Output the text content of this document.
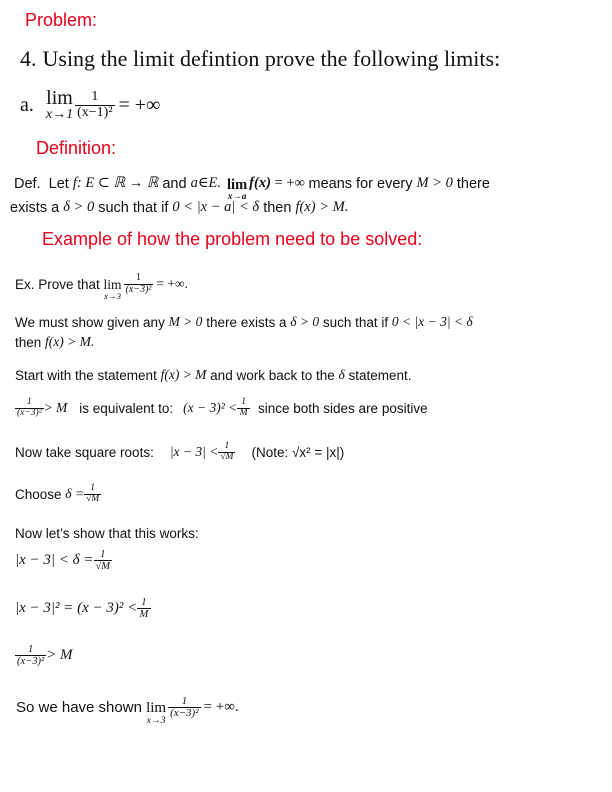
Problem:
4. Using the limit defintion prove the following limits:
a. lim
$x\to 1 \frac{1}{\text{(x−1)²}}$ = +∞
Definition:
Def.  Let f : E ⊂ ℝ → ℝ and a∈E. lim
x→a
f(x) = +∞ means for every M > 0 there
exists a δ > 0 such that if 0 < |x − a| < δ then f(x) > M.
Example of how the problem need to be solved:
Ex. Prove that lim
x→3
$\frac{1}{\text{(x−3)²}}$ = +∞.
We must show given any M > 0 there exists a δ > 0 such that if 0 < |x − 3| < δ
then f(x) > M.
Start with the statement f(x) > M and work back to the δ statement.
$\frac{1}{\text{(x−3)²}} > M$ is equivalent to: $(x - 3)^2 < \frac{1}{M}$ since both sides are positive
Now take square roots: $|x - 3| < \frac{1}{√M}$ (Note: √x² = |x|)
Choose $\delta = \frac{1}{√M}$
Now let’s show that this works:
$|x - 3| < \delta = \frac{1}{√M}$
$|x - 3|^2 = (x - 3)^2 < \frac{1}{M}$
$\frac{1}{\text{(x−3)²}} > M$
So we have shown lim
x→3
$\frac{1}{\text{(x−3)²}}$ = +∞.
